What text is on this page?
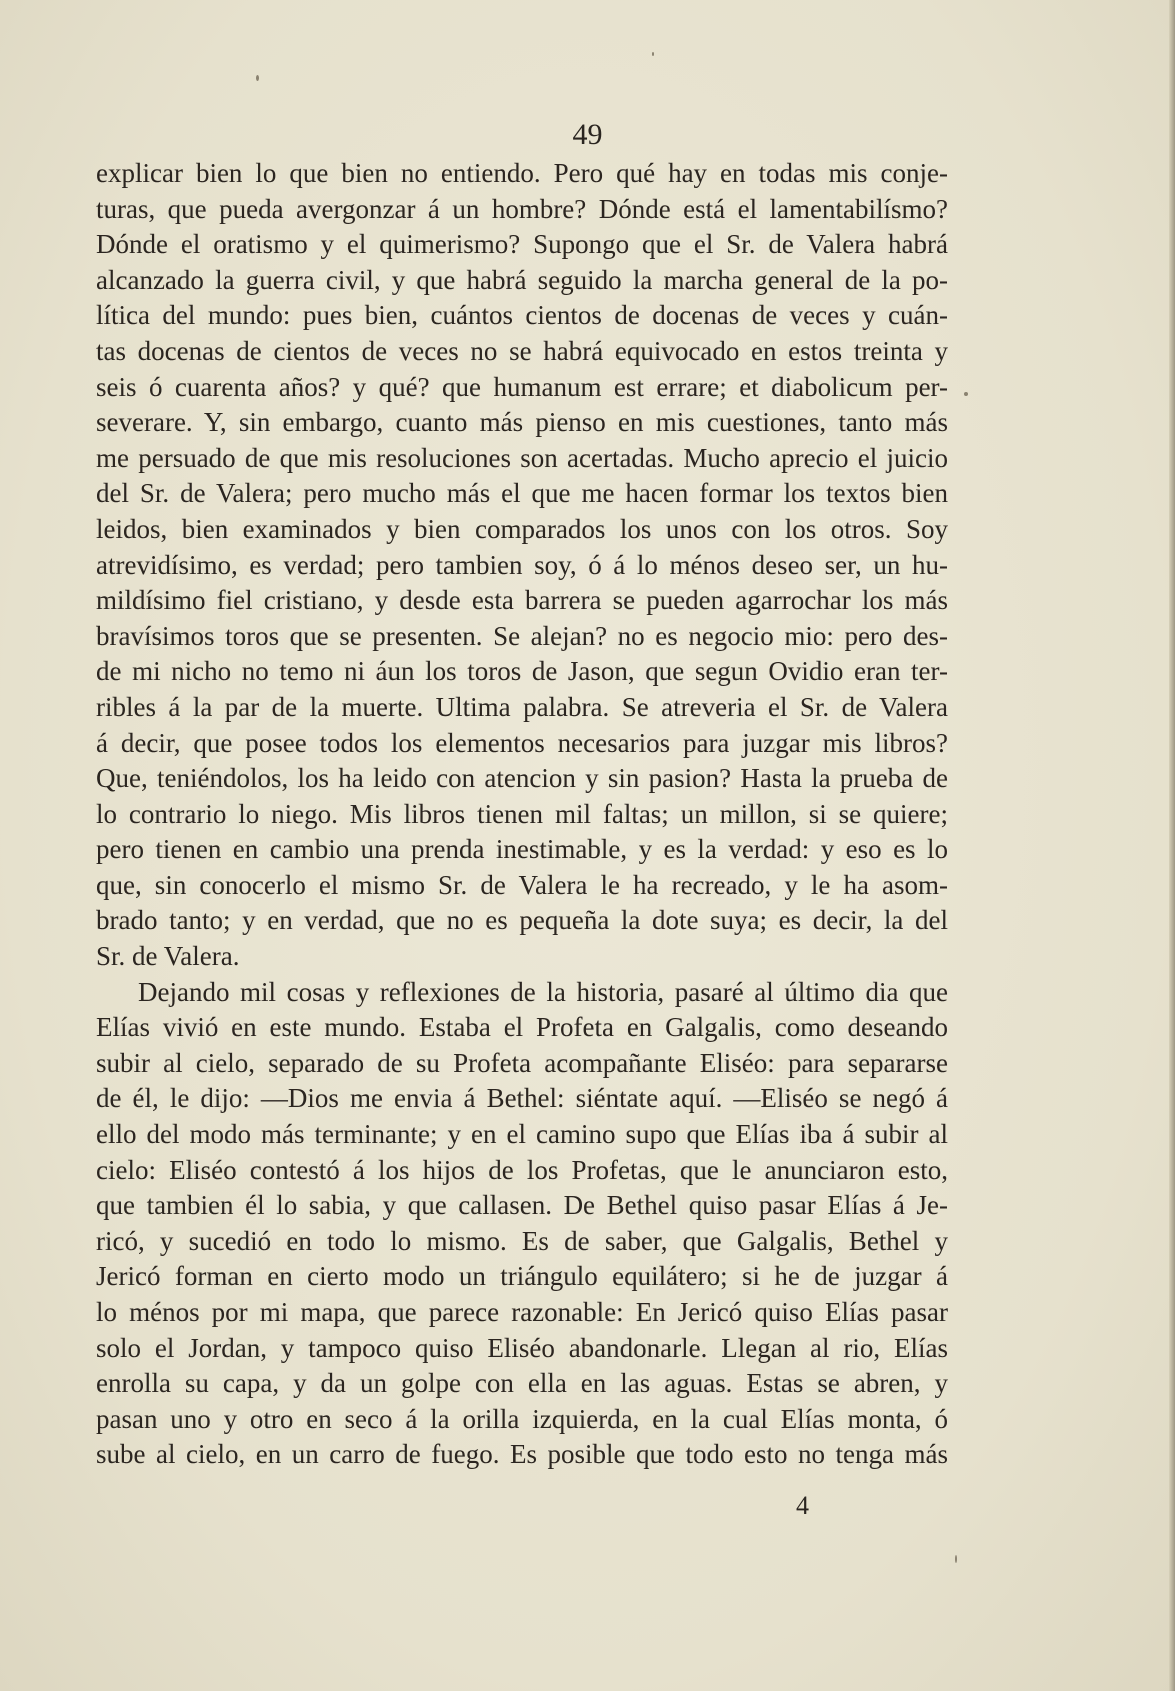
49
explicar bien lo que bien no entiendo. Pero qué hay en todas mis conje-
turas, que pueda avergonzar á un hombre? Dónde está el lamentabilísmo?
Dónde el oratismo y el quimerismo? Supongo que el Sr. de Valera habrá
alcanzado la guerra civil, y que habrá seguido la marcha general de la po-
lítica del mundo: pues bien, cuántos cientos de docenas de veces y cuán-
tas docenas de cientos de veces no se habrá equivocado en estos treinta y
seis ó cuarenta años? y qué? que humanum est errare; et diabolicum per-
severare. Y, sin embargo, cuanto más pienso en mis cuestiones, tanto más
me persuado de que mis resoluciones son acertadas. Mucho aprecio el juicio
del Sr. de Valera; pero mucho más el que me hacen formar los textos bien
leidos, bien examinados y bien comparados los unos con los otros. Soy
atrevidísimo, es verdad; pero tambien soy, ó á lo ménos deseo ser, un hu-
mildísimo fiel cristiano, y desde esta barrera se pueden agarrochar los más
bravísimos toros que se presenten. Se alejan? no es negocio mio: pero des-
de mi nicho no temo ni áun los toros de Jason, que segun Ovidio eran ter-
ribles á la par de la muerte. Ultima palabra. Se atreveria el Sr. de Valera
á decir, que posee todos los elementos necesarios para juzgar mis libros?
Que, teniéndolos, los ha leido con atencion y sin pasion? Hasta la prueba de
lo contrario lo niego. Mis libros tienen mil faltas; un millon, si se quiere;
pero tienen en cambio una prenda inestimable, y es la verdad: y eso es lo
que, sin conocerlo el mismo Sr. de Valera le ha recreado, y le ha asom-
brado tanto; y en verdad, que no es pequeña la dote suya; es decir, la del
Sr. de Valera.
Dejando mil cosas y reflexiones de la historia, pasaré al último dia que
Elías vivió en este mundo. Estaba el Profeta en Galgalis, como deseando
subir al cielo, separado de su Profeta acompañante Eliséo: para separarse
de él, le dijo: —Dios me envia á Bethel: siéntate aquí. —Eliséo se negó á
ello del modo más terminante; y en el camino supo que Elías iba á subir al
cielo: Eliséo contestó á los hijos de los Profetas, que le anunciaron esto,
que tambien él lo sabia, y que callasen. De Bethel quiso pasar Elías á Je-
ricó, y sucedió en todo lo mismo. Es de saber, que Galgalis, Bethel y
Jericó forman en cierto modo un triángulo equilátero; si he de juzgar á
lo ménos por mi mapa, que parece razonable: En Jericó quiso Elías pasar
solo el Jordan, y tampoco quiso Eliséo abandonarle. Llegan al rio, Elías
enrolla su capa, y da un golpe con ella en las aguas. Estas se abren, y
pasan uno y otro en seco á la orilla izquierda, en la cual Elías monta, ó
sube al cielo, en un carro de fuego. Es posible que todo esto no tenga más
4
